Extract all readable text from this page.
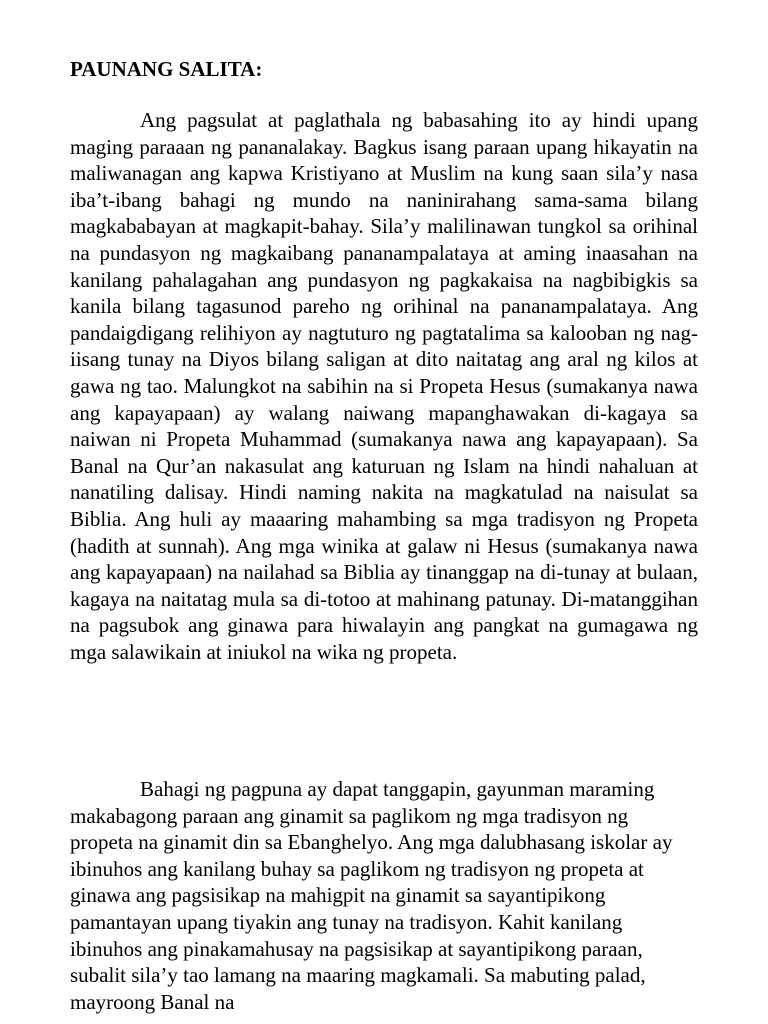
PAUNANG SALITA:

Ang pagsulat at paglathala ng babasahing ito ay hindi upang maging paraaan ng pananalakay. Bagkus isang paraan upang hikayatin na maliwanagan ang kapwa Kristiyano at Muslim na kung saan sila’y nasa iba’t-ibang bahagi ng mundo na naninirahang sama-sama bilang magkababayan at magkapit-bahay. Sila’y malilinawan tungkol sa orihinal na pundasyon ng magkaibang pananampalataya at aming inaasahan na kanilang pahalagahan ang pundasyon ng pagkakaisa na nagbibigkis sa kanila bilang tagasunod pareho ng orihinal na pananampalataya. Ang pandaigdigang relihiyon ay nagtuturo ng pagtatalima sa kalooban ng nag-iisang tunay na Diyos bilang saligan at dito naitatag ang aral ng kilos at gawa ng tao. Malungkot na sabihin na si Propeta Hesus (sumakanya nawa ang kapayapaan) ay walang naiwang mapanghawakan di-kagaya sa naiwan ni Propeta Muhammad (sumakanya nawa ang kapayapaan). Sa Banal na Qur’an nakasulat ang katuruan ng Islam na hindi nahaluan at nanatiling dalisay. Hindi naming nakita na magkatulad na naisulat sa Biblia. Ang huli ay maaaring mahambing sa mga tradisyon ng Propeta (hadith at sunnah). Ang mga winika at galaw ni Hesus (sumakanya nawa ang kapayapaan) na nailahad sa Biblia ay tinanggap na di-tunay at bulaan, kagaya na naitatag mula sa di-totoo at mahinang patunay. Di-matanggihan na pagsubok ang ginawa para hiwalayin ang pangkat na gumagawa ng mga salawikain at iniukol na wika ng propeta.

Bahagi ng pagpuna ay dapat tanggapin, gayunman maraming makabagong paraan ang ginamit sa paglikom ng mga tradisyon ng propeta na ginamit din sa Ebanghelyo. Ang mga dalubhasang iskolar ay ibinuhos ang kanilang buhay sa paglikom ng tradisyon ng propeta at ginawa ang pagsisikap na mahigpit na ginamit sa sayantipikong pamantayan upang tiyakin ang tunay na tradisyon. Kahit kanilang ibinuhos ang pinakamahusay na pagsisikap at sayantipikong paraan, subalit sila’y tao lamang na maaring magkamali. Sa mabuting palad, mayroong Banal na
